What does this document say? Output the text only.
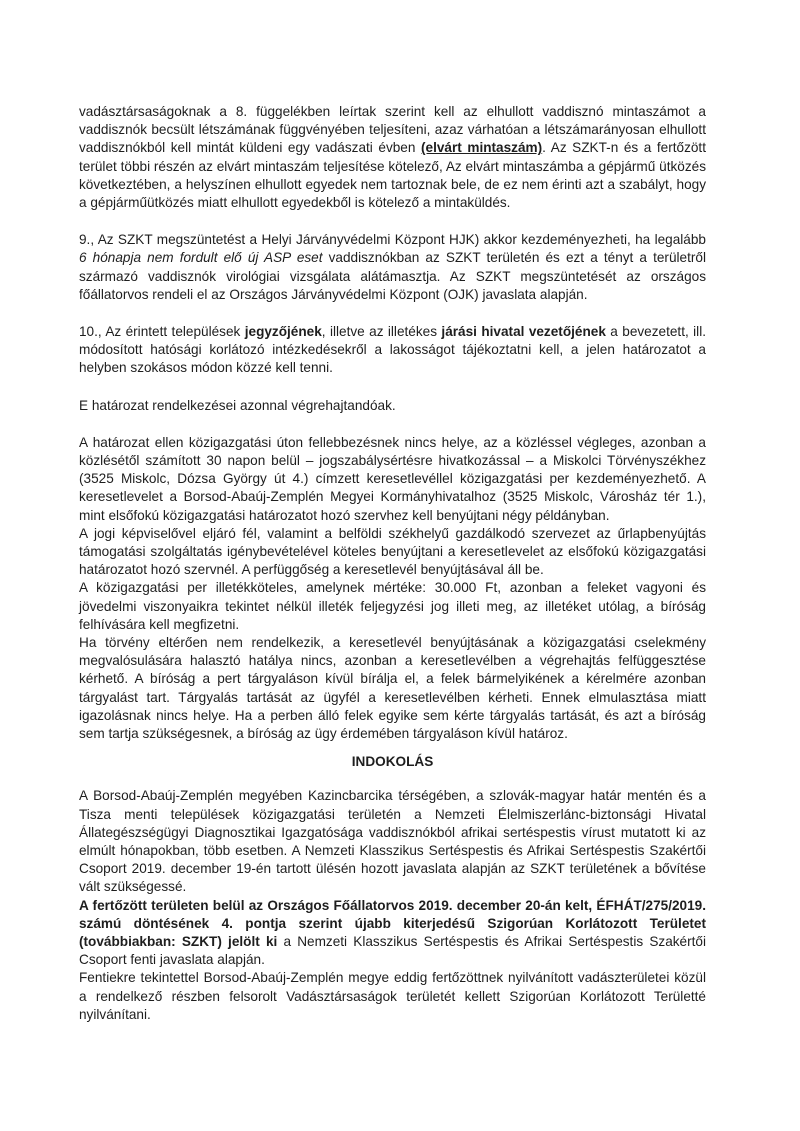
vadásztársaságoknak a 8. függelékben leírtak szerint kell az elhullott vaddisznó mintaszámot a vaddisznók becsült létszámának függvényében teljesíteni, azaz várhatóan a létszámarányosan elhullott vaddisznókból kell mintát küldeni egy vadászati évben (elvárt mintaszám). Az SZKT-n és a fertőzött terület többi részén az elvárt mintaszám teljesítése kötelező, Az elvárt mintaszámba a gépjármű ütközés következtében, a helyszínen elhullott egyedek nem tartoznak bele, de ez nem érinti azt a szabályt, hogy a gépjárműütközés miatt elhullott egyedekből is kötelező a mintaküldés.

9., Az SZKT megszüntetést a Helyi Járványvédelmi Központ HJK) akkor kezdeményezheti, ha legalább 6 hónapja nem fordult elő új ASP eset vaddisznókban az SZKT területén és ezt a tényt a területről származó vaddisznók virológiai vizsgálata alátámasztja. Az SZKT megszüntetését az országos főállatorvos rendeli el az Országos Járványvédelmi Központ (OJK) javaslata alapján.

10., Az érintett települések jegyzőjének, illetve az illetékes járási hivatal vezetőjének a bevezetett, ill. módosított hatósági korlátozó intézkedésekről a lakosságot tájékoztatni kell, a jelen határozatot a helyben szokásos módon közzé kell tenni.

E határozat rendelkezései azonnal végrehajtandóak.

A határozat ellen közigazgatási úton fellebbezésnek nincs helye, az a közléssel végleges, azonban a közlésétől számított 30 napon belül – jogszabálysértésre hivatkozással – a Miskolci Törvényszékhez (3525 Miskolc, Dózsa György út 4.) címzett keresetlevéllel közigazgatási per kezdeményezhető. A keresetlevelet a Borsod-Abaúj-Zemplén Megyei Kormányhivatalhoz (3525 Miskolc, Városház tér 1.), mint elsőfokú közigazgatási határozatot hozó szervhez kell benyújtani négy példányban.

A jogi képviselővel eljáró fél, valamint a belföldi székhelyű gazdálkodó szervezet az űrlapbenyújtás támogatási szolgáltatás igénybevételével köteles benyújtani a keresetlevelet az elsőfokú közigazgatási határozatot hozó szervnél. A perfüggőség a keresetlevél benyújtásával áll be.

A közigazgatási per illetékköteles, amelynek mértéke: 30.000 Ft, azonban a feleket vagyoni és jövedelmi viszonyaikra tekintet nélkül illeték feljegyzési jog illeti meg, az illetéket utólag, a bíróság felhívására kell megfizetni.

Ha törvény eltérően nem rendelkezik, a keresetlevél benyújtásának a közigazgatási cselekmény megvalósulására halasztó hatálya nincs, azonban a keresetlevélben a végrehajtás felfüggesztése kérhető. A bíróság a pert tárgyaláson kívül bírálja el, a felek bármelyikének a kérelmére azonban tárgyalást tart. Tárgyalás tartását az ügyfél a keresetlevélben kérheti. Ennek elmulasztása miatt igazolásnak nincs helye. Ha a perben álló felek egyike sem kérte tárgyalás tartását, és azt a bíróság sem tartja szükségesnek, a bíróság az ügy érdemében tárgyaláson kívül határoz.

INDOKOLÁS

A Borsod-Abaúj-Zemplén megyében Kazincbarcika térségében, a szlovák-magyar határ mentén és a Tisza menti települések közigazgatási területén a Nemzeti Élelmiszerlánc-biztonsági Hivatal Állategészségügyi Diagnosztikai Igazgatósága vaddisznókból afrikai sertéspestis vírust mutatott ki az elmúlt hónapokban, több esetben. A Nemzeti Klasszikus Sertéspestis és Afrikai Sertéspestis Szakértői Csoport 2019. december 19-én tartott ülésén hozott javaslata alapján az SZKT területének a bővítése vált szükségessé.

A fertőzött területen belül az Országos Főállatorvos 2019. december 20-án kelt, ÉFHÁT/275/2019. számú döntésének 4. pontja szerint újabb kiterjedésű Szigorúan Korlátozott Területet (továbbiakban: SZKT) jelölt ki a Nemzeti Klasszikus Sertéspestis és Afrikai Sertéspestis Szakértői Csoport fenti javaslata alapján.

Fentiekre tekintettel Borsod-Abaúj-Zemplén megye eddig fertőzöttnek nyilvánított vadászterületei közül a rendelkező részben felsorolt Vadásztársaságok területét kellett Szigorúan Korlátozott Területté nyilvánítani.
